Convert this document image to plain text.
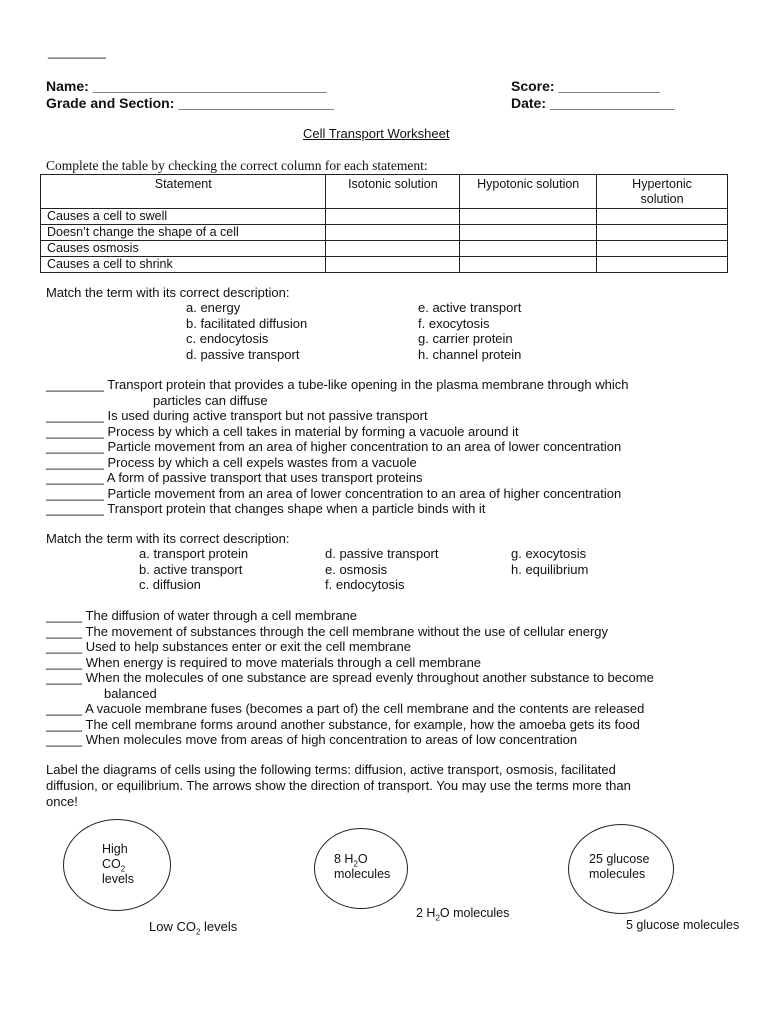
________
Name: ______________________________
Grade and Section: ____________________
Score: _____________
Date: ________________
Cell Transport Worksheet
Complete the table by checking the correct column for each statement:
Statement	Isotonic solution	Hypotonic solution	Hypertonic
solution
Causes a cell to swell			
Doesn’t change the shape of a cell			
Causes osmosis			
Causes a cell to shrink			
Match the term with its correct description:
a. energy
b. facilitated diffusion
c. endocytosis
d. passive transport
e. active transport
f. exocytosis
g. carrier protein
h. channel protein
________ Transport protein that provides a tube-like opening in the plasma membrane through which
particles can diffuse
________ Is used during active transport but not passive transport
________ Process by which a cell takes in material by forming a vacuole around it
________ Particle movement from an area of higher concentration to an area of lower concentration
________ Process by which a cell expels wastes from a vacuole
________ A form of passive transport that uses transport proteins
________ Particle movement from an area of lower concentration to an area of higher concentration
________ Transport protein that changes shape when a particle binds with it
Match the term with its correct description:
a. transport protein
b. active transport
c. diffusion
d. passive transport
e. osmosis
f. endocytosis
g. exocytosis
h. equilibrium
_____ The diffusion of water through a cell membrane
_____ The movement of substances through the cell membrane without the use of cellular energy
_____ Used to help substances enter or exit the cell membrane
_____ When energy is required to move materials through a cell membrane
_____ When the molecules of one substance are spread evenly throughout another substance to become
balanced
_____ A vacuole membrane fuses (becomes a part of) the cell membrane and the contents are released
_____ The cell membrane forms around another substance, for example, how the amoeba gets its food
_____ When molecules move from areas of high concentration to areas of low concentration
Label the diagrams of cells using the following terms: diffusion, active transport, osmosis, facilitated
diffusion, or equilibrium. The arrows show the direction of transport. You may use the terms more than
once!
High
$CO_2$
levels
Low $CO_2$ levels
8 $H_2O$
molecules
2 $H_2O$ molecules
25 glucose
molecules
5 glucose molecules
